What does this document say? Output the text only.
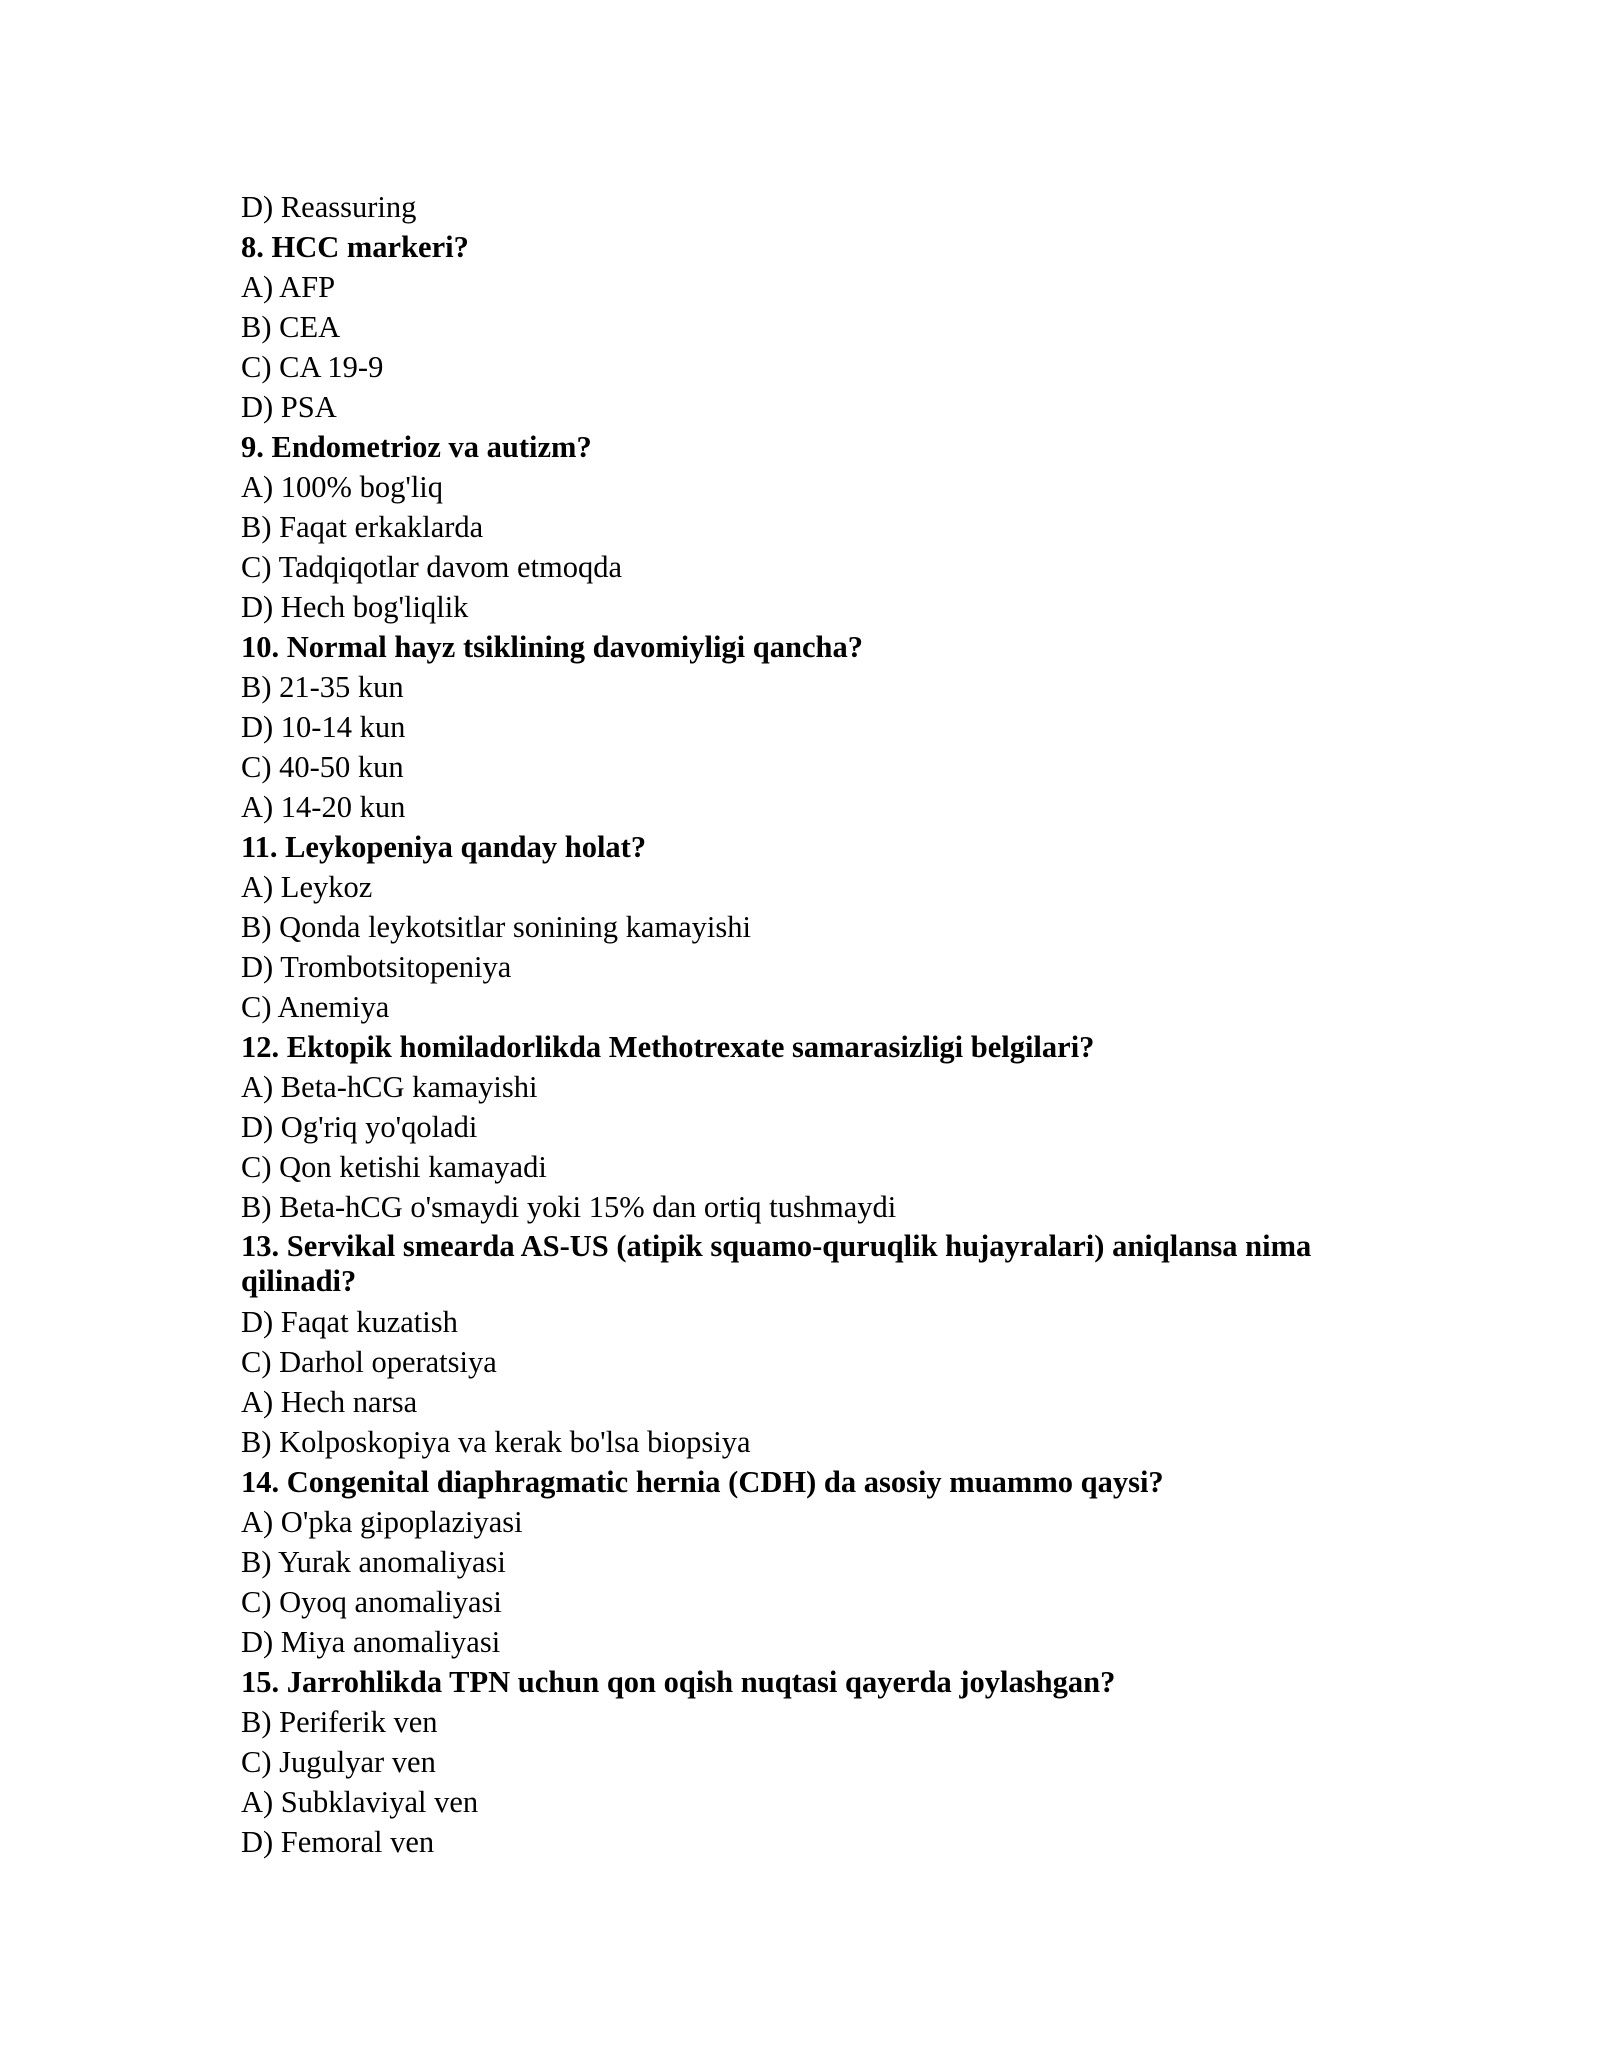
D) Reassuring

8. HCC markeri?

A) AFP

B) CEA

C) CA 19-9

D) PSA

9. Endometrioz va autizm?

A) 100% bog'liq

B) Faqat erkaklarda

C) Tadqiqotlar davom etmoqda

D) Hech bog'liqlik

10. Normal hayz tsiklining davomiyligi qancha?

B) 21-35 kun

D) 10-14 kun

C) 40-50 kun

A) 14-20 kun

11. Leykopeniya qanday holat?

A) Leykoz

B) Qonda leykotsitlar sonining kamayishi

D) Trombotsitopeniya

C) Anemiya

12. Ektopik homiladorlikda Methotrexate samarasizligi belgilari?

A) Beta-hCG kamayishi

D) Og'riq yo'qoladi

C) Qon ketishi kamayadi

B) Beta-hCG o'smaydi yoki 15% dan ortiq tushmaydi

13. Servikal smearda AS-US (atipik squamo-quruqlik hujayralari) aniqlansa nima qilinadi?

D) Faqat kuzatish

C) Darhol operatsiya

A) Hech narsa

B) Kolposkopiya va kerak bo'lsa biopsiya

14. Congenital diaphragmatic hernia (CDH) da asosiy muammo qaysi?

A) O'pka gipoplaziyasi

B) Yurak anomaliyasi

C) Oyoq anomaliyasi

D) Miya anomaliyasi

15. Jarrohlikda TPN uchun qon oqish nuqtasi qayerda joylashgan?

B) Periferik ven

C) Jugulyar ven

A) Subklaviyal ven

D) Femoral ven
